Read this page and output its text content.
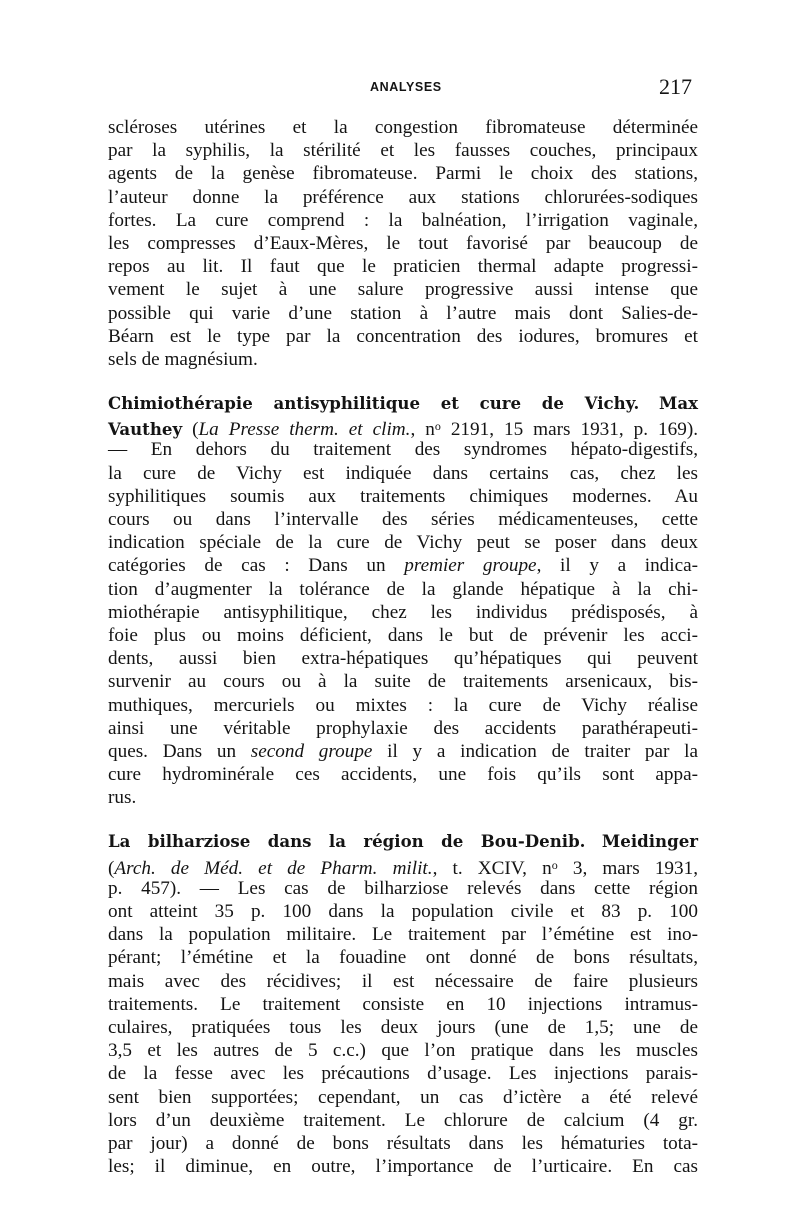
ANALYSES	217
scléroses utérines et la congestion fibromateuse déterminée
par la syphilis, la stérilité et les fausses couches, principaux
agents de la genèse fibromateuse. Parmi le choix des stations,
l’auteur donne la préférence aux stations chlorurées-sodiques
fortes. La cure comprend : la balnéation, l’irrigation vaginale,
les compresses d’Eaux-Mères, le tout favorisé par beaucoup de
repos au lit. Il faut que le praticien thermal adapte progressi-
vement le sujet à une salure progressive aussi intense que
possible qui varie d’une station à l’autre mais dont Salies-de-
Béarn est le type par la concentration des iodures, bromures et
sels de magnésium.
Chimiothérapie antisyphilitique et cure de Vichy. Max
Vauthey (La Presse therm. et clim., $n^o$ 2191, 15 mars 1931, p. 169).
— En dehors du traitement des syndromes hépato-digestifs,
la cure de Vichy est indiquée dans certains cas, chez les
syphilitiques soumis aux traitements chimiques modernes. Au
cours ou dans l’intervalle des séries médicamenteuses, cette
indication spéciale de la cure de Vichy peut se poser dans deux
catégories de cas : Dans un premier groupe, il y a indica-
tion d’augmenter la tolérance de la glande hépatique à la chi-
miothérapie antisyphilitique, chez les individus prédisposés, à
foie plus ou moins déficient, dans le but de prévenir les acci-
dents, aussi bien extra-hépatiques qu’hépatiques qui peuvent
survenir au cours ou à la suite de traitements arsenicaux, bis-
muthiques, mercuriels ou mixtes : la cure de Vichy réalise
ainsi une véritable prophylaxie des accidents parathérapeuti-
ques. Dans un second groupe il y a indication de traiter par la
cure hydrominérale ces accidents, une fois qu’ils sont appa-
rus.
La bilharziose dans la région de Bou-Denib. Meidinger
(Arch. de Méd. et de Pharm. milit., t. XCIV, $n^o$ 3, mars 1931,
p. 457). — Les cas de bilharziose relevés dans cette région
ont atteint 35 p. 100 dans la population civile et 83 p. 100
dans la population militaire. Le traitement par l’émétine est ino-
pérant; l’émétine et la fouadine ont donné de bons résultats,
mais avec des récidives; il est nécessaire de faire plusieurs
traitements. Le traitement consiste en 10 injections intramus-
culaires, pratiquées tous les deux jours (une de 1,5; une de
3,5 et les autres de 5 c.c.) que l’on pratique dans les muscles
de la fesse avec les précautions d’usage. Les injections parais-
sent bien supportées; cependant, un cas d’ictère a été relevé
lors d’un deuxième traitement. Le chlorure de calcium (4 gr.
par jour) a donné de bons résultats dans les hématuries tota-
les; il diminue, en outre, l’importance de l’urticaire. En cas
